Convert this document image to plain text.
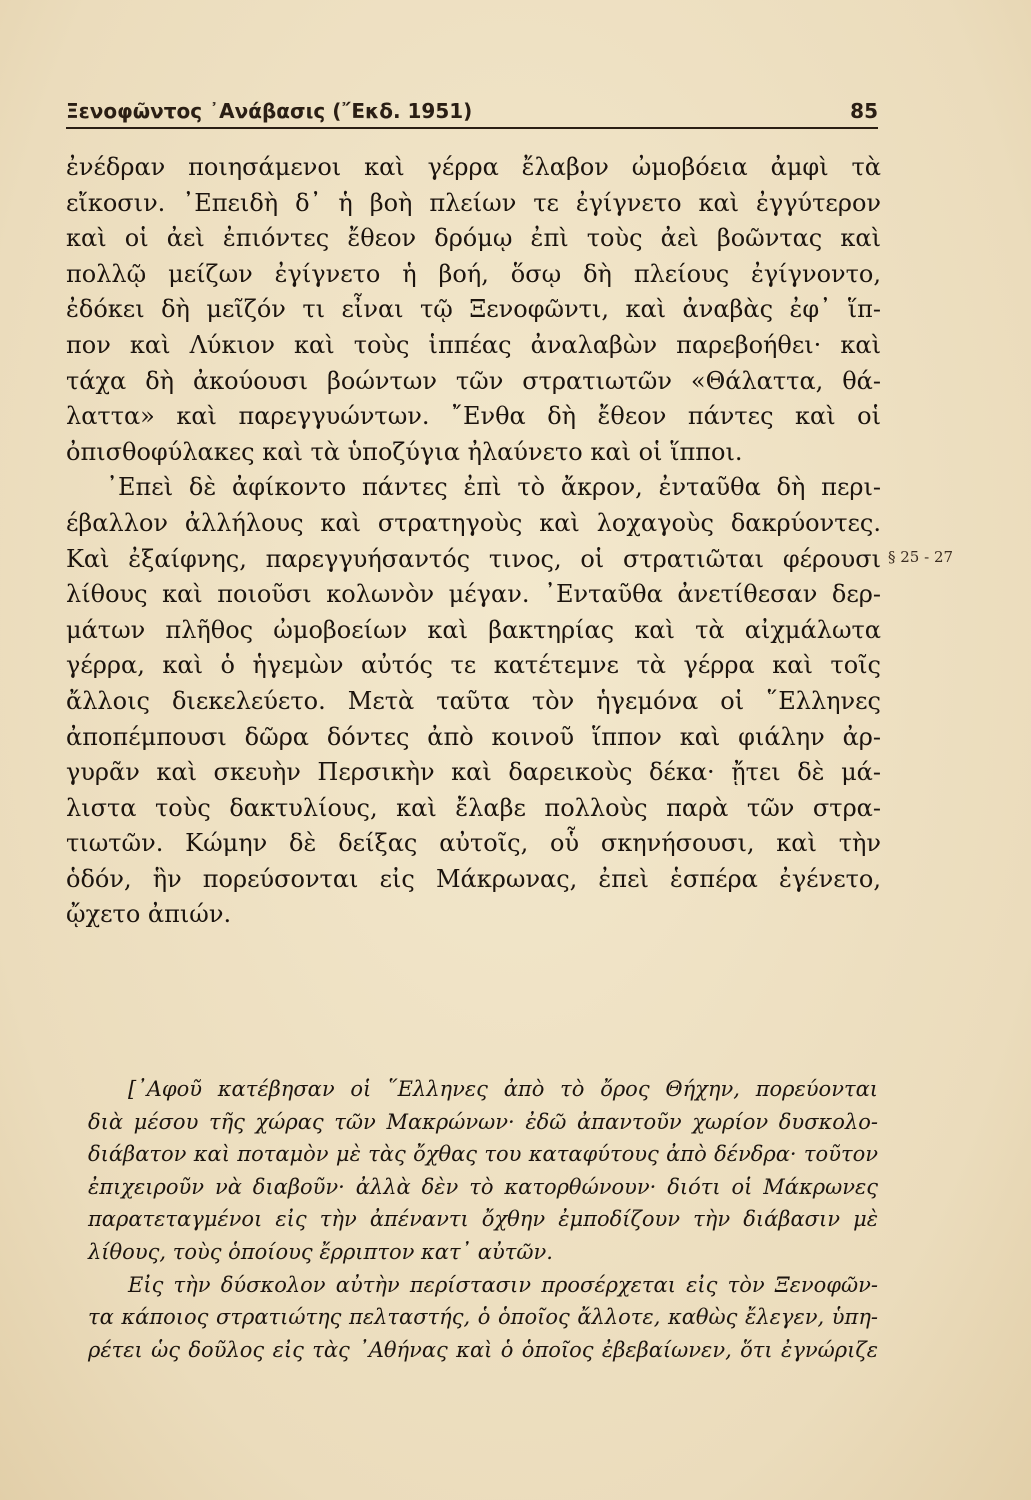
Ξενοφῶντος ᾿Ανάβασις (῎Εκδ. 1951)	85
ἐνέδραν ποιησάμενοι καὶ γέρρα ἔλαβον ὠμοβόεια ἀμφὶ τὰ
εἴκοσιν. ᾿Επειδὴ δ᾿ ἡ βοὴ πλείων τε ἐγίγνετο καὶ ἐγγύτερον
καὶ οἱ ἀεὶ ἐπιόντες ἔθεον δρόμῳ ἐπὶ τοὺς ἀεὶ βοῶντας καὶ
πολλῷ μείζων ἐγίγνετο ἡ βοή, ὅσῳ δὴ πλείους ἐγίγνοντο,
ἐδόκει δὴ μεῖζόν τι εἶναι τῷ Ξενοφῶντι, καὶ ἀναβὰς ἐφ᾿ ἵπ-
πον καὶ Λύκιον καὶ τοὺς ἱππέας ἀναλαβὼν παρεβοήθει· καὶ
τάχα δὴ ἀκούουσι βοώντων τῶν στρατιωτῶν «Θάλαττα, θά-
λαττα» καὶ παρεγγυώντων. ῎Ενθα δὴ ἔθεον πάντες καὶ οἱ
ὀπισθοφύλακες καὶ τὰ ὑποζύγια ἠλαύνετο καὶ οἱ ἵπποι.
᾿Επεὶ δὲ ἀφίκοντο πάντες ἐπὶ τὸ ἄκρον, ἐνταῦθα δὴ περι-
έβαλλον ἀλλήλους καὶ στρατηγοὺς καὶ λοχαγοὺς δακρύοντες.
Καὶ ἐξαίφνης, παρεγγυήσαντός τινος, οἱ στρατιῶται φέρουσι
λίθους καὶ ποιοῦσι κολωνὸν μέγαν. ᾿Ενταῦθα ἀνετίθεσαν δερ-
μάτων πλῆθος ὠμοβοείων καὶ βακτηρίας καὶ τὰ αἰχμάλωτα
γέρρα, καὶ ὁ ἡγεμὼν αὐτός τε κατέτεμνε τὰ γέρρα καὶ τοῖς
ἄλλοις διεκελεύετο. Μετὰ ταῦτα τὸν ἡγεμόνα οἱ ῞Ελληνες
ἀποπέμπουσι δῶρα δόντες ἀπὸ κοινοῦ ἵππον καὶ φιάλην ἀρ-
γυρᾶν καὶ σκευὴν Περσικὴν καὶ δαρεικοὺς δέκα· ᾔτει δὲ μά-
λιστα τοὺς δακτυλίους, καὶ ἔλαβε πολλοὺς παρὰ τῶν στρα-
τιωτῶν. Κώμην δὲ δείξας αὐτοῖς, οὗ σκηνήσουσι, καὶ τὴν
ὁδόν, ἣν πορεύσονται εἰς Μάκρωνας, ἐπεὶ ἑσπέρα ἐγένετο,
ᾤχετο ἀπιών.
§ 25 - 27
[᾿Αφοῦ κατέβησαν οἱ ῞Ελληνες ἀπὸ τὸ ὄρος Θήχην, πορεύονται
διὰ μέσου τῆς χώρας τῶν Μακρώνων· ἐδῶ ἀπαντοῦν χωρίον δυσκολο-
διάβατον καὶ ποταμὸν μὲ τὰς ὄχθας του καταφύτους ἀπὸ δένδρα· τοῦτον
ἐπιχειροῦν νὰ διαβοῦν· ἀλλὰ δὲν τὸ κατορθώνουν· διότι οἱ Μάκρωνες
παρατεταγμένοι εἰς τὴν ἀπέναντι ὄχθην ἐμποδίζουν τὴν διάβασιν μὲ
λίθους, τοὺς ὁποίους ἔρριπτον κατ᾿ αὐτῶν.
Εἰς τὴν δύσκολον αὐτὴν περίστασιν προσέρχεται εἰς τὸν Ξενοφῶν-
τα κάποιος στρατιώτης πελταστής, ὁ ὁποῖος ἄλλοτε, καθὼς ἔλεγεν, ὑπη-
ρέτει ὡς δοῦλος εἰς τὰς ᾿Αθήνας καὶ ὁ ὁποῖος ἐβεβαίωνεν, ὅτι ἐγνώριζε
